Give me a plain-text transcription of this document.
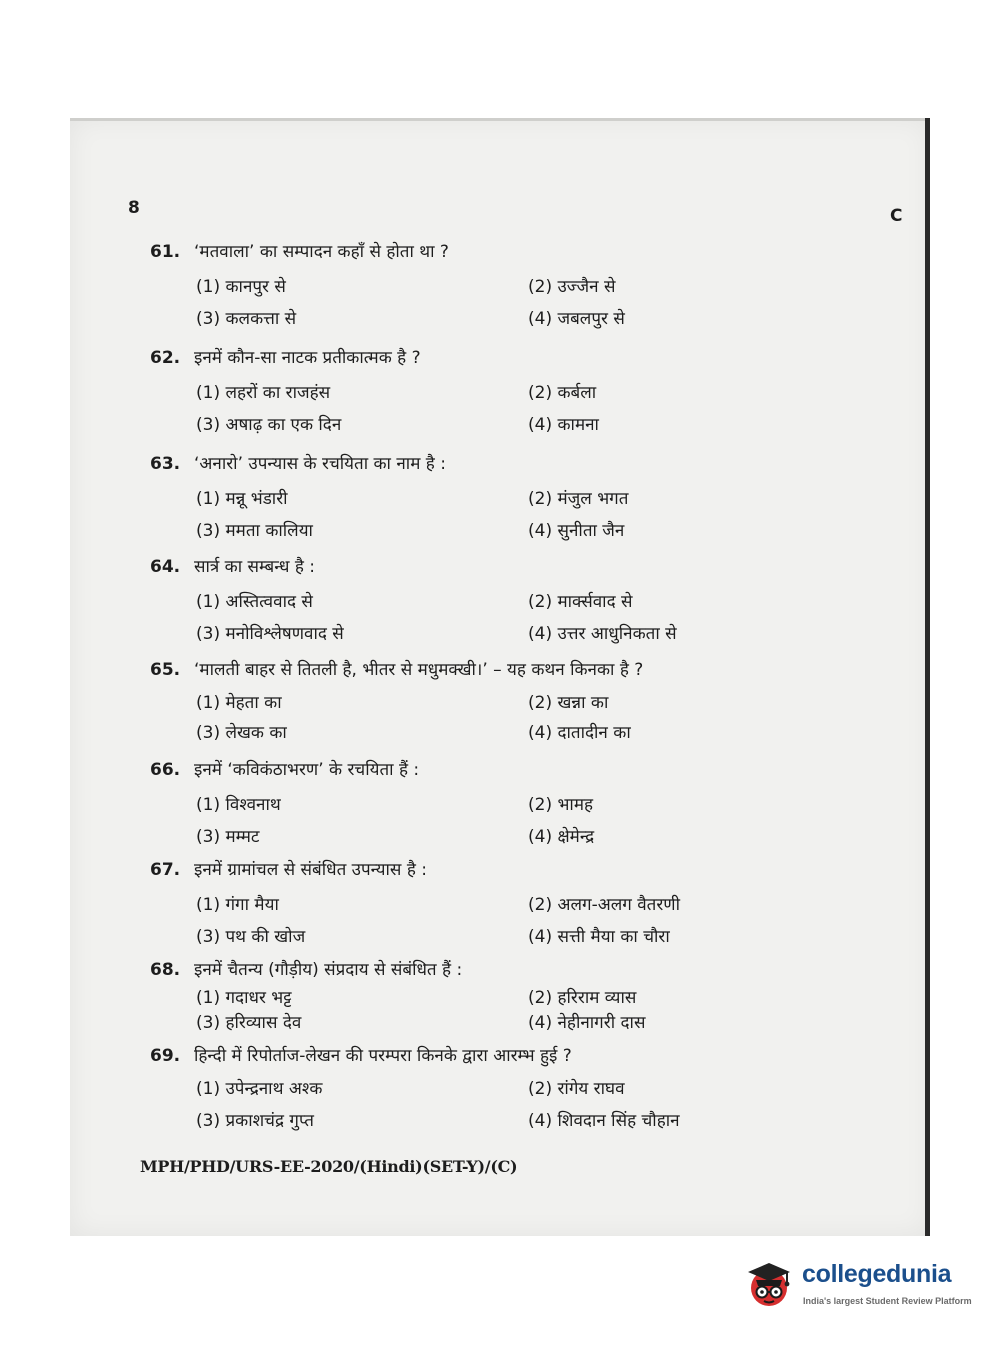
8	C
61. ‘मतवाला’ का सम्पादन कहाँ से होता था ?
(1) कानपुर से	(2) उज्जैन से
(3) कलकत्ता से	(4) जबलपुर से
62. इनमें कौन-सा नाटक प्रतीकात्मक है ?
(1) लहरों का राजहंस	(2) कर्बला
(3) अषाढ़ का एक दिन	(4) कामना
63. ‘अनारो’ उपन्यास के रचयिता का नाम है :
(1) मन्नू भंडारी	(2) मंजुल भगत
(3) ममता कालिया	(4) सुनीता जैन
64. सार्त्र का सम्बन्ध है :
(1) अस्तित्ववाद से	(2) मार्क्सवाद से
(3) मनोविश्लेषणवाद से	(4) उत्तर आधुनिकता से
65. ‘मालती बाहर से तितली है, भीतर से मधुमक्खी।’ – यह कथन किनका है ?
(1) मेहता का	(2) खन्ना का
(3) लेखक का	(4) दातादीन का
66. इनमें ‘कविकंठाभरण’ के रचयिता हैं :
(1) विश्वनाथ	(2) भामह
(3) मम्मट	(4) क्षेमेन्द्र
67. इनमें ग्रामांचल से संबंधित उपन्यास है :
(1) गंगा मैया	(2) अलग-अलग वैतरणी
(3) पथ की खोज	(4) सत्ती मैया का चौरा
68. इनमें चैतन्य (गौड़ीय) संप्रदाय से संबंधित हैं :
(1) गदाधर भट्ट	(2) हरिराम व्यास
(3) हरिव्यास देव	(4) नेहीनागरी दास
69. हिन्दी में रिपोर्ताज-लेखन की परम्परा किनके द्वारा आरम्भ हुई ?
(1) उपेन्द्रनाथ अश्क	(2) रांगेय राघव
(3) प्रकाशचंद्र गुप्त	(4) शिवदान सिंह चौहान
MPH/PHD/URS-EE-2020/(Hindi)(SET-Y)/(C)
collegedunia
India's largest Student Review Platform
